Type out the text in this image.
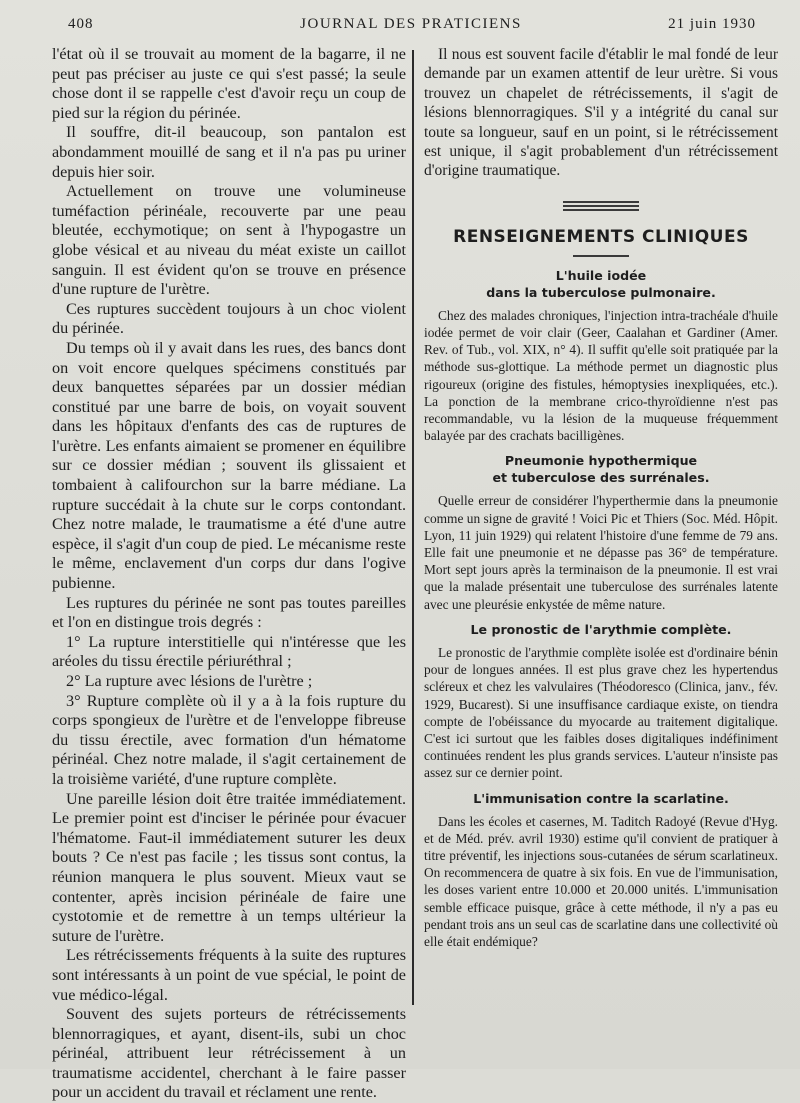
408	JOURNAL DES PRATICIENS	21 juin 1930

l'état où il se trouvait au moment de la bagarre, il ne peut pas préciser au juste ce qui s'est passé; la seule chose dont il se rappelle c'est d'avoir reçu un coup de pied sur la région du périnée.

Il souffre, dit-il beaucoup, son pantalon est abondamment mouillé de sang et il n'a pas pu uriner depuis hier soir.

Actuellement on trouve une volumineuse tuméfaction périnéale, recouverte par une peau bleutée, ecchymotique; on sent à l'hypogastre un globe vésical et au niveau du méat existe un caillot sanguin. Il est évident qu'on se trouve en présence d'une rupture de l'urètre.

Ces ruptures succèdent toujours à un choc violent du périnée.

Du temps où il y avait dans les rues, des bancs dont on voit encore quelques spécimens constitués par deux banquettes séparées par un dossier médian constitué par une barre de bois, on voyait souvent dans les hôpitaux d'enfants des cas de ruptures de l'urètre. Les enfants aimaient se promener en équilibre sur ce dossier médian ; souvent ils glissaient et tombaient à califourchon sur la barre médiane. La rupture succédait à la chute sur le corps contondant. Chez notre malade, le traumatisme a été d'une autre espèce, il s'agit d'un coup de pied. Le mécanisme reste le même, enclavement d'un corps dur dans l'ogive pubienne.

Les ruptures du périnée ne sont pas toutes pareilles et l'on en distingue trois degrés :

1° La rupture interstitielle qui n'intéresse que les aréoles du tissu érectile périuréthral ;

2° La rupture avec lésions de l'urètre ;

3° Rupture complète où il y a à la fois rupture du corps spongieux de l'urètre et de l'enveloppe fibreuse du tissu érectile, avec formation d'un hématome périnéal. Chez notre malade, il s'agit certainement de la troisième variété, d'une rupture complète.

Une pareille lésion doit être traitée immédiatement. Le premier point est d'inciser le périnée pour évacuer l'hématome. Faut-il immédiatement suturer les deux bouts ? Ce n'est pas facile ; les tissus sont contus, la réunion manquera le plus souvent. Mieux vaut se contenter, après incision périnéale de faire une cystotomie et de remettre à un temps ultérieur la suture de l'urètre.

Les rétrécissements fréquents à la suite des ruptures sont intéressants à un point de vue spécial, le point de vue médico-légal.

Souvent des sujets porteurs de rétrécissements blennorragiques, et ayant, disent-ils, subi un choc périnéal, attribuent leur rétrécissement à un traumatisme accidentel, cherchant à le faire passer pour un accident du travail et réclament une rente.

Il nous est souvent facile d'établir le mal fondé de leur demande par un examen attentif de leur urètre. Si vous trouvez un chapelet de rétrécissements, il s'agit de lésions blennorragiques. S'il y a intégrité du canal sur toute sa longueur, sauf en un point, si le rétrécissement est unique, il s'agit probablement d'un rétrécissement d'origine traumatique.

RENSEIGNEMENTS CLINIQUES
L'huile iodée
dans la tuberculose pulmonaire.

Chez des malades chroniques, l'injection intra-trachéale d'huile iodée permet de voir clair (Geer, Caalahan et Gardiner (Amer. Rev. of Tub., vol. XIX, n° 4). Il suffit qu'elle soit pratiquée par la méthode sus-glottique. La méthode permet un diagnostic plus rigoureux (origine des fistules, hémoptysies inexpliquées, etc.). La ponction de la membrane crico-thyroïdienne n'est pas recommandable, vu la lésion de la muqueuse fréquemment balayée par des crachats bacilligènes.

Pneumonie hypothermique
et tuberculose des surrénales.

Quelle erreur de considérer l'hyperthermie dans la pneumonie comme un signe de gravité ! Voici Pic et Thiers (Soc. Méd. Hôpit. Lyon, 11 juin 1929) qui relatent l'histoire d'une femme de 79 ans. Elle fait une pneumonie et ne dépasse pas 36° de température. Mort sept jours après la terminaison de la pneumonie. Il est vrai que la malade présentait une tuberculose des surrénales latente avec une pleurésie enkystée de même nature.

Le pronostic de l'arythmie complète.

Le pronostic de l'arythmie complète isolée est d'ordinaire bénin pour de longues années. Il est plus grave chez les hypertendus scléreux et chez les valvulaires (Théodoresco (Clinica, janv., fév. 1929, Bucarest). Si une insuffisance cardiaque existe, on tiendra compte de l'obéissance du myocarde au traitement digitalique. C'est ici surtout que les faibles doses digitaliques indéfiniment continuées rendent les plus grands services. L'auteur n'insiste pas assez sur ce dernier point.

L'immunisation contre la scarlatine.

Dans les écoles et casernes, M. Taditch Radoyé (Revue d'Hyg. et de Méd. prév. avril 1930) estime qu'il convient de pratiquer à titre préventif, les injections sous-cutanées de sérum scarlatineux. On recommencera de quatre à six fois. En vue de l'immunisation, les doses varient entre 10.000 et 20.000 unités. L'immunisation semble efficace puisque, grâce à cette méthode, il n'y a pas eu pendant trois ans un seul cas de scarlatine dans une collectivité où elle était endémique?
